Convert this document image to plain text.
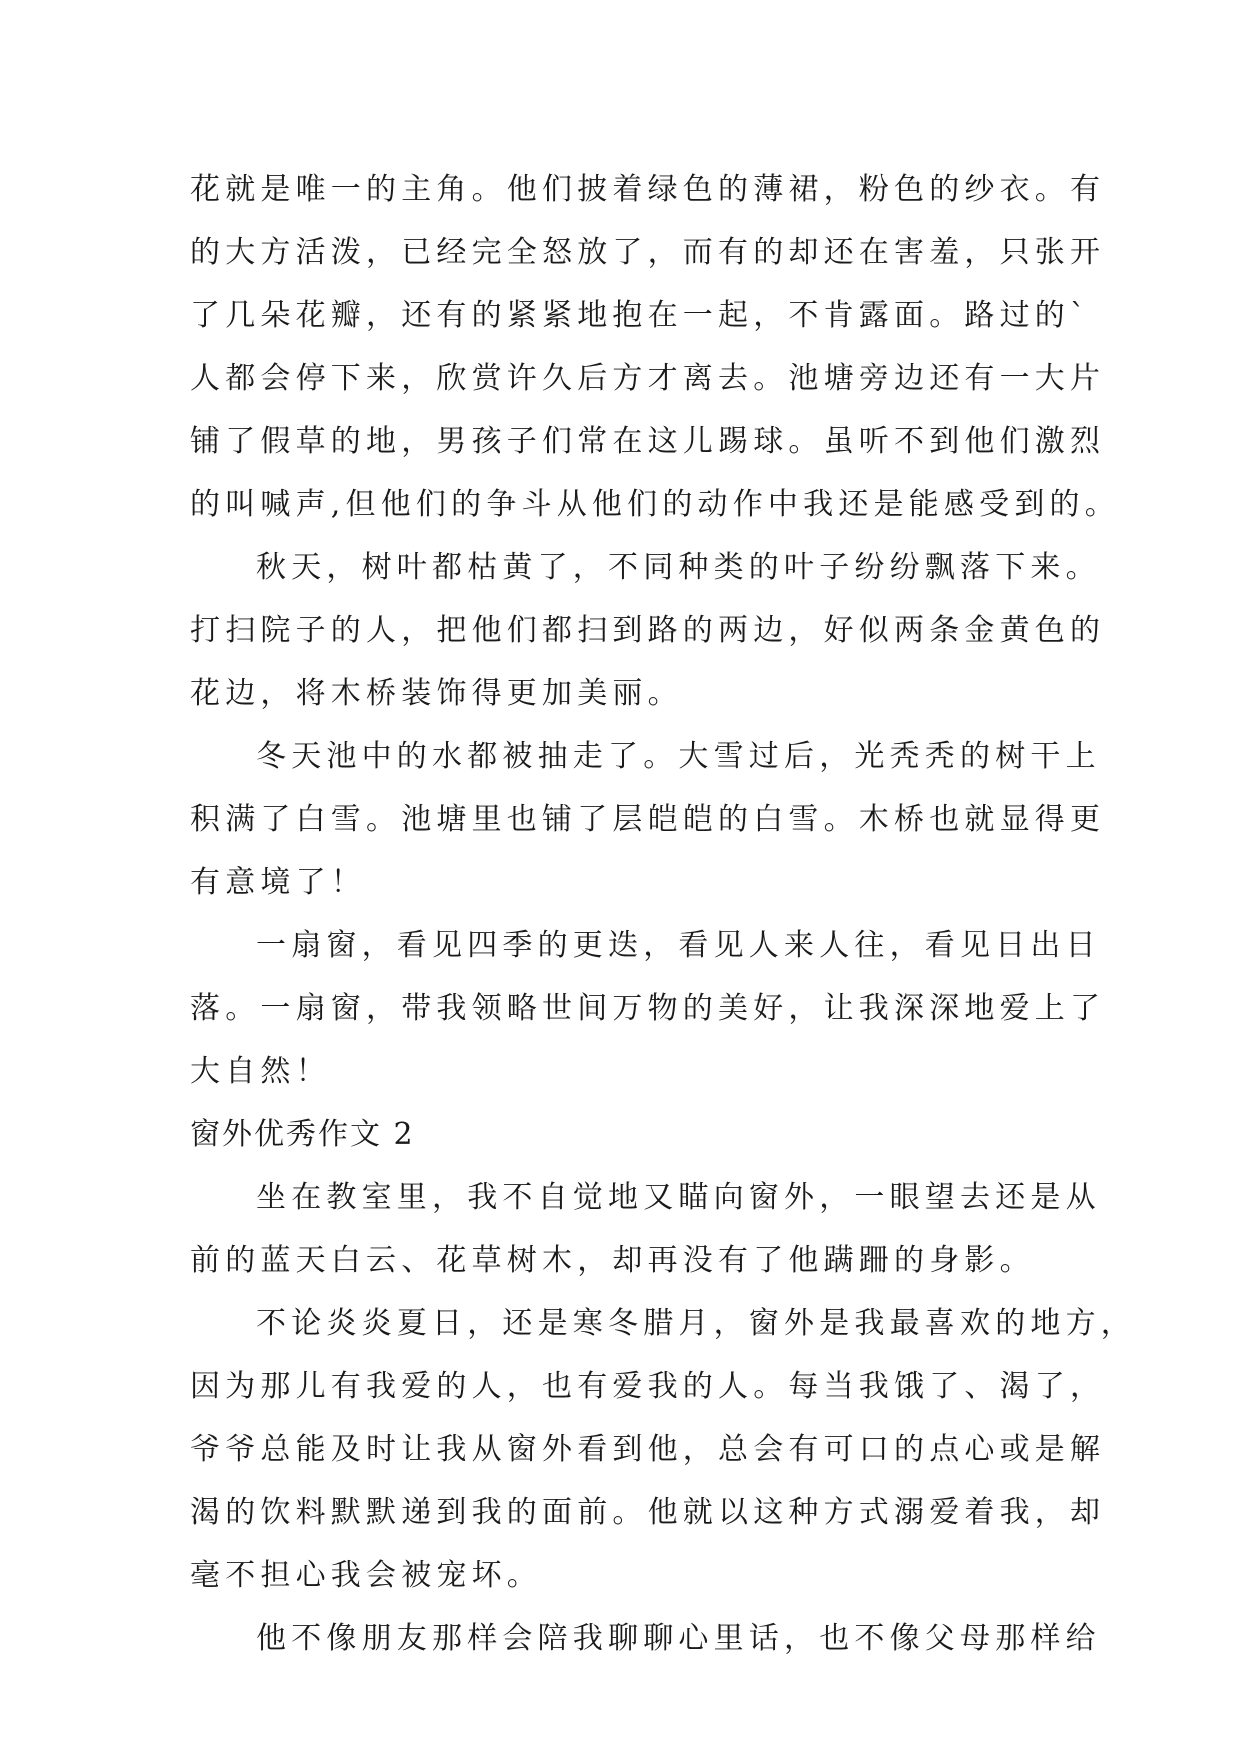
花就是唯一的主角。他们披着绿色的薄裙，粉色的纱衣。有
的大方活泼，已经完全怒放了，而有的却还在害羞，只张开
了几朵花瓣，还有的紧紧地抱在一起，不肯露面。路过的`
人都会停下来，欣赏许久后方才离去。池塘旁边还有一大片
铺了假草的地，男孩子们常在这儿踢球。虽听不到他们激烈
的叫喊声,但他们的争斗从他们的动作中我还是能感受到的。
秋天，树叶都枯黄了，不同种类的叶子纷纷飘落下来。
打扫院子的人，把他们都扫到路的两边，好似两条金黄色的
花边，将木桥装饰得更加美丽。
冬天池中的水都被抽走了。大雪过后，光秃秃的树干上
积满了白雪。池塘里也铺了层皑皑的白雪。木桥也就显得更
有意境了！
一扇窗，看见四季的更迭，看见人来人往，看见日出日
落。一扇窗，带我领略世间万物的美好，让我深深地爱上了
大自然！
窗外优秀作文 2
坐在教室里，我不自觉地又瞄向窗外，一眼望去还是从
前的蓝天白云、花草树木，却再没有了他蹒跚的身影。
不论炎炎夏日，还是寒冬腊月，窗外是我最喜欢的地方，
因为那儿有我爱的人，也有爱我的人。每当我饿了、渴了，
爷爷总能及时让我从窗外看到他，总会有可口的点心或是解
渴的饮料默默递到我的面前。他就以这种方式溺爱着我，却
毫不担心我会被宠坏。
他不像朋友那样会陪我聊聊心里话，也不像父母那样给
